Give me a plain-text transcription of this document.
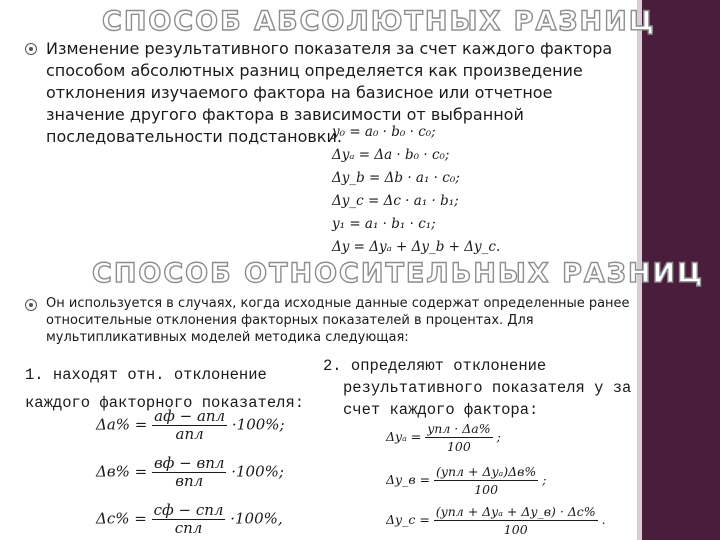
СПОСОБ АБСОЛЮТНЫХ РАЗНИЦ
Изменение результативного показателя за счет каждого фактора способом абсолютных разниц определяется как произведение отклонения изучаемого фактора на базисное или отчетное значение другого фактора в зависимости от выбранной последовательности подстановки.
y₀ = a₀ · b₀ · c₀;
Δyₐ = Δa · b₀ · c₀;
Δy_b = Δb · a₁ · c₀;
Δy_c = Δc · a₁ · b₁;
y₁ = a₁ · b₁ · c₁;
Δy = Δyₐ + Δy_b + Δy_c.
СПОСОБ ОТНОСИТЕЛЬНЫХ РАЗНИЦ
Он используется в случаях, когда исходные данные содержат определенные ранее относительные отклонения факторных показателей в процентах. Для мультипликативных моделей методика следующая:
1. находят отн. отклонение
каждого факторного показателя:
2. определяют отклонение
результативного показателя y за
счет каждого фактора:
$\Delta a\% = \frac{\text{aф − aпл}}{\text{aпл}} \cdot 100\%$;
$\Delta в\% = \frac{\text{вф − впл}}{\text{впл}} \cdot 100\%$;
$\Delta c\% = \frac{\text{cф − cпл}}{\text{cпл}} \cdot 100\%$,
$\Delta y_a = \frac{\text{yпл · Δa\%}}{100}$ ;
Δy_в = $\frac{\text{(yпл + Δyₐ)Δв\%}}{100}$ ;
Δy_c = $\frac{\text{(yпл + Δyₐ + Δy\_в) · Δc\%}}{100}$ .
